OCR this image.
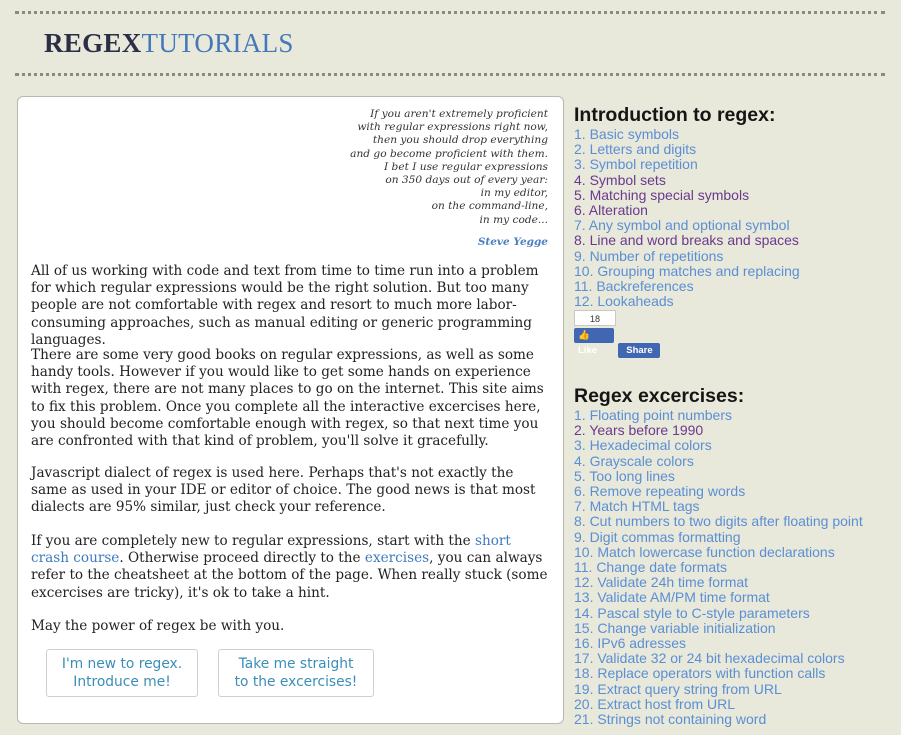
REGEXTUTORIALS
If you aren't extremely proficient
with regular expressions right now,
then you should drop everything
and go become proficient with them.
I bet I use regular expressions
on 350 days out of every year:
in my editor,
on the command-line,
in my code...
Steve Yegge

All of us working with code and text from time to time run into a problem for which regular expressions would be the right solution. But too many people are not comfortable with regex and resort to much more labor-consuming approaches, such as manual editing or generic programming languages.

There are some very good books on regular expressions, as well as some handy tools. However if you would like to get some hands on experience with regex, there are not many places to go on the internet. This site aims to fix this problem. Once you complete all the interactive excercises here, you should become comfortable enough with regex, so that next time you are confronted with that kind of problem, you'll solve it gracefully.

Javascript dialect of regex is used here. Perhaps that's not exactly the same as used in your IDE or editor of choice. The good news is that most dialects are 95% similar, just check your reference.

If you are completely new to regular expressions, start with the short crash course. Otherwise proceed directly to the exercises, you can always refer to the cheatsheet at the bottom of the page. When really stuck (some excercises are tricky), it's ok to take a hint.

May the power of regex be with you.

I'm new to regex.
Introduce me!
Take me straight
to the excercises!
Introduction to regex:
1. Basic symbols
2. Letters and digits
3. Symbol repetition
4. Symbol sets
5. Matching special symbols
6. Alteration
7. Any symbol and optional symbol
8. Line and word breaks and spaces
9. Number of repetitions
10. Grouping matches and replacing
11. Backreferences
12. Lookaheads
18
👍 Like	Share
Regex excercises:
1. Floating point numbers
2. Years before 1990
3. Hexadecimal colors
4. Grayscale colors
5. Too long lines
6. Remove repeating words
7. Match HTML tags
8. Cut numbers to two digits after floating point
9. Digit commas formatting
10. Match lowercase function declarations
11. Change date formats
12. Validate 24h time format
13. Validate AM/PM time format
14. Pascal style to C-style parameters
15. Change variable initialization
16. IPv6 adresses
17. Validate 32 or 24 bit hexadecimal colors
18. Replace operators with function calls
19. Extract query string from URL
20. Extract host from URL
21. Strings not containing word
